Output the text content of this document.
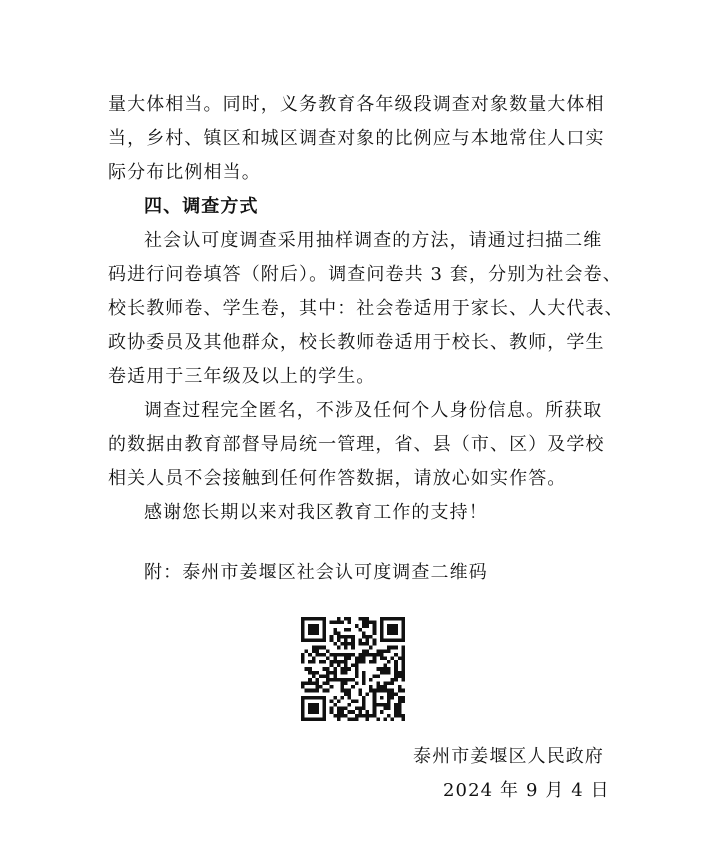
量大体相当。同时，义务教育各年级段调查对象数量大体相
当，乡村、镇区和城区调查对象的比例应与本地常住人口实
际分布比例相当。
四、调查方式
社会认可度调查采用抽样调查的方法，请通过扫描二维
码进行问卷填答（附后）。调查问卷共 3 套，分别为社会卷、
校长教师卷、学生卷，其中：社会卷适用于家长、人大代表、
政协委员及其他群众，校长教师卷适用于校长、教师，学生
卷适用于三年级及以上的学生。
调查过程完全匿名，不涉及任何个人身份信息。所获取
的数据由教育部督导局统一管理，省、县（市、区）及学校
相关人员不会接触到任何作答数据，请放心如实作答。
感谢您长期以来对我区教育工作的支持！
附：泰州市姜堰区社会认可度调查二维码
泰州市姜堰区人民政府
2024 年 9 月 4 日
